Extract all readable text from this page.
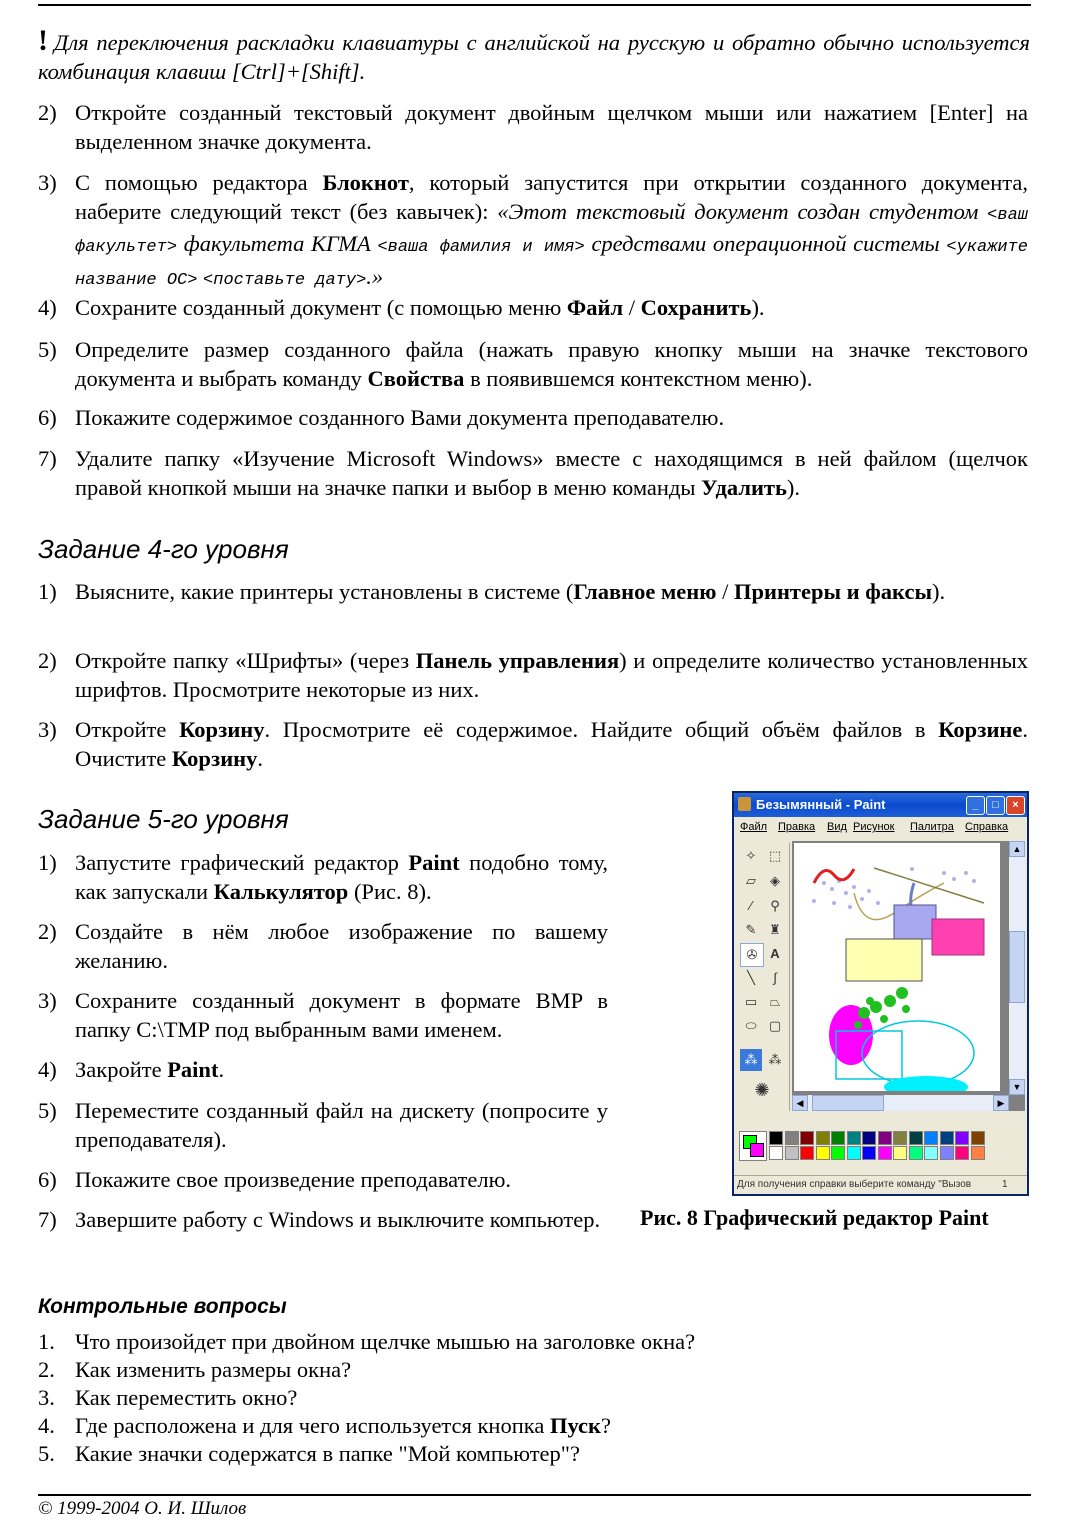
! Для переключения раскладки клавиатуры с английской на русскую и обратно обычно используется комбинация клавиш [Ctrl]+[Shift].
2) Откройте созданный текстовый документ двойным щелчком мыши или нажатием [Enter] на выделенном значке документа.
3) С помощью редактора Блокнот, который запустится при открытии созданного документа, наберите следующий текст (без кавычек): «Этот текстовый документ создан студентом <ваш факультет> факультета КГМА <ваша фамилия и имя> средствами операционной системы <укажите название ОС> <поставьте дату>.»
4) Сохраните созданный документ (с помощью меню Файл / Сохранить).
5) Определите размер созданного файла (нажать правую кнопку мыши на значке текстового документа и выбрать команду Свойства в появившемся контекстном меню).
6) Покажите содержимое созданного Вами документа преподавателю.
7) Удалите папку «Изучение Microsoft Windows» вместе с находящимся в ней файлом (щелчок правой кнопкой мыши на значке папки и выбор в меню команды Удалить).
Задание 4-го уровня
1) Выясните, какие принтеры установлены в системе (Главное меню / Принтеры и факсы).
2) Откройте папку «Шрифты» (через Панель управления) и определите количество установленных шрифтов. Просмотрите некоторые из них.
3) Откройте Корзину. Просмотрите её содержимое. Найдите общий объём файлов в Корзине. Очистите Корзину.
Задание 5-го уровня
1) Запустите графический редактор Paint подобно тому, как запускали Калькулятор (Рис. 8).
2) Создайте в нём любое изображение по вашему желанию.
3) Сохраните созданный документ в формате BMP в папку C:\TMP под выбранным вами именем.
4) Закройте Paint.
5) Переместите созданный файл на дискету (попросите у преподавателя).
6) Покажите свое произведение преподавателю.
7) Завершите работу с Windows и выключите компьютер.
Безымянный - Paint	_	□	×
Файл Правка Вид Рисунок Палитра Справка
✧ ⬚
▱	◈
⁄	⚲
✎ ♜
✇ A
╲	∫
▭ ⏢
⬭ ▢
⁂ ⁂
✺
▲
▼
◀	▶
Для получения справки выберите команду "Вызов	1
Рис. 8 Графический редактор Paint
Контрольные вопросы
1. Что произойдет при двойном щелчке мышью на заголовке окна?
2. Как изменить размеры окна?
3. Как переместить окно?
4. Где расположена и для чего используется кнопка Пуск?
5. Какие значки содержатся в папке "Мой компьютер"?
© 1999-2004 О. И. Шилов
